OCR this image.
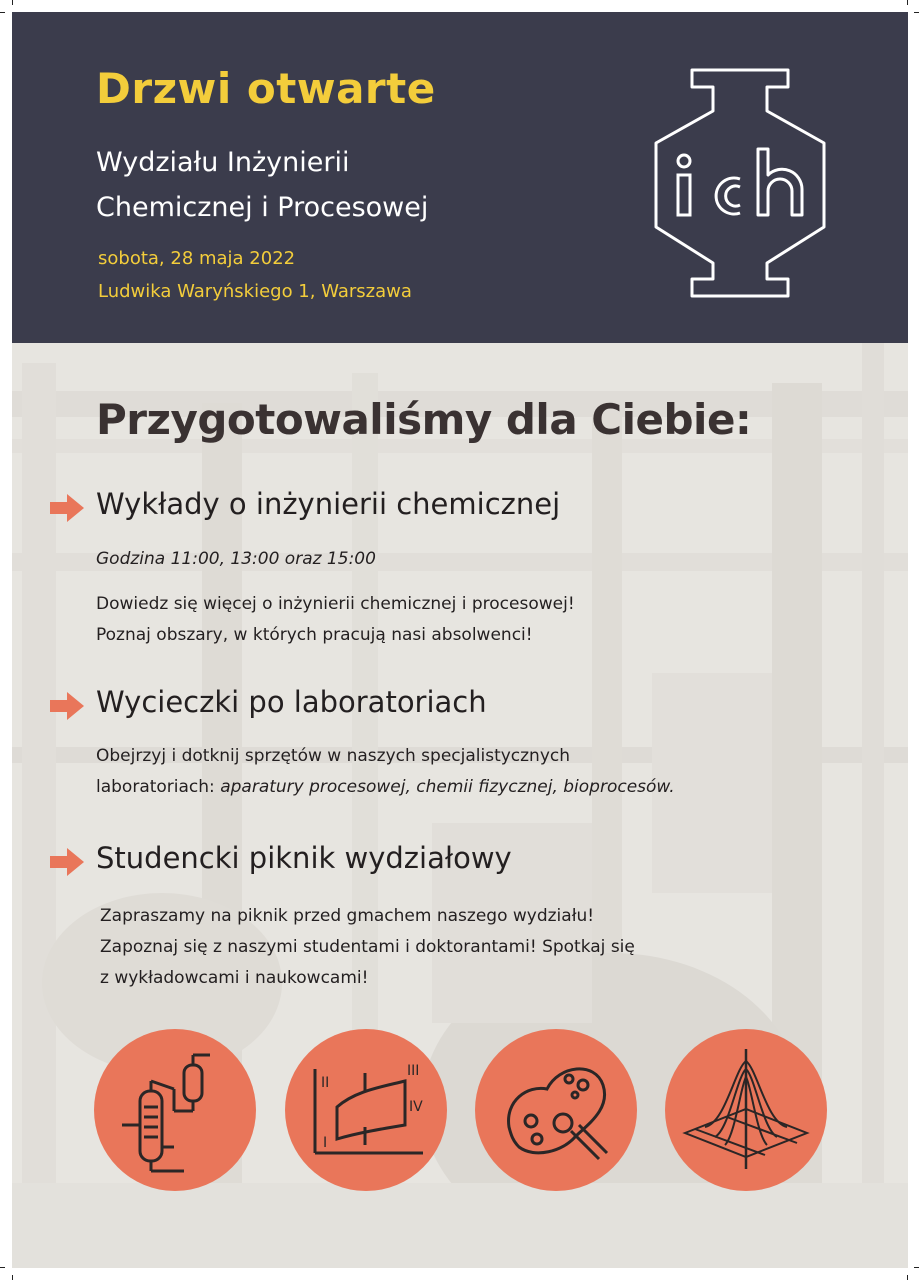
Drzwi otwarte
Wydziału Inżynierii
Chemicznej i Procesowej
sobota, 28 maja 2022
Ludwika Waryńskiego 1, Warszawa
Przygotowaliśmy dla Ciebie:
Wykłady o inżynierii chemicznej

Godzina 11:00, 13:00 oraz 15:00

Dowiedz się więcej o inżynierii chemicznej i procesowej!
Poznaj obszary, w których pracują nasi absolwenci!

Wycieczki po laboratoriach

Obejrzyj i dotknij sprzętów w naszych specjalistycznych
laboratoriach: aparatury procesowej, chemii fizycznej, bioprocesów.

Studencki piknik wydziałowy

Zapraszamy na piknik przed gmachem naszego wydziału!
Zapoznaj się z naszymi studentami i doktorantami! Spotkaj się
z wykładowcami i naukowcami!

II
III
IV
I
